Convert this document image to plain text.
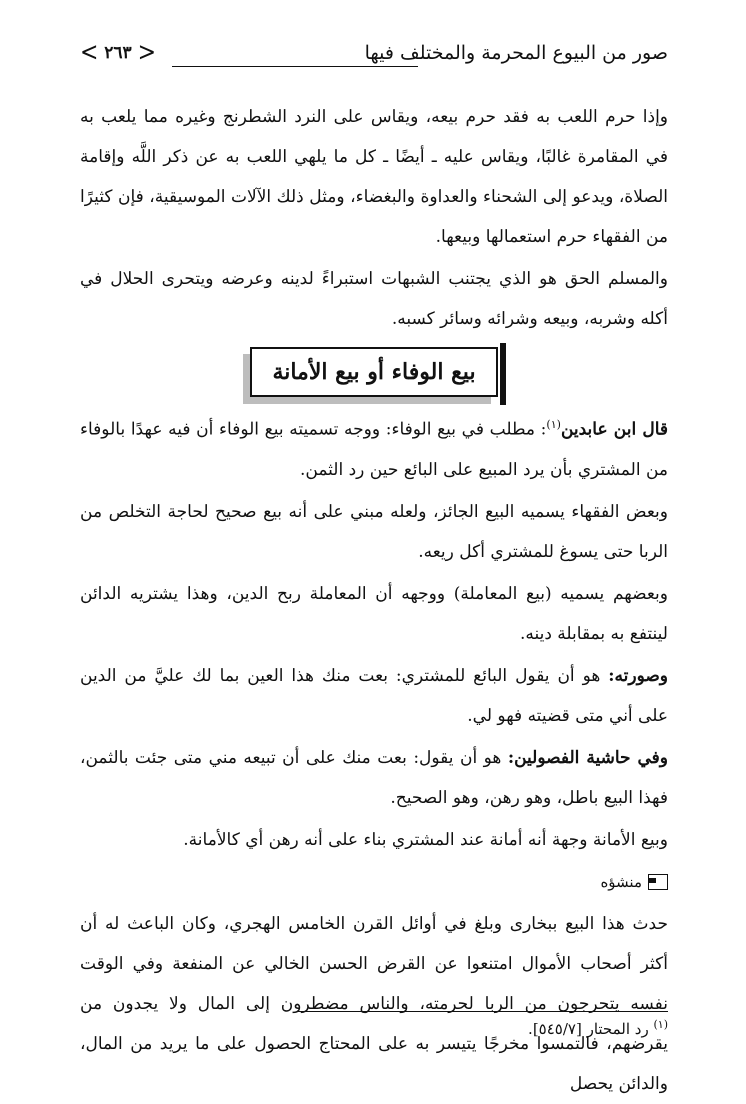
صور من البيوع المحرمة والمختلف فيها
< ٢٦٣ >

وإذا حرم اللعب به فقد حرم بيعه، ويقاس على النرد الشطرنج وغيره مما يلعب به في المقامرة غالبًا، ويقاس عليه ـ أيضًا ـ كل ما يلهي اللعب به عن ذكر اللَّه وإقامة الصلاة، ويدعو إلى الشحناء والعداوة والبغضاء، ومثل ذلك الآلات الموسيقية، فإن كثيرًا من الفقهاء حرم استعمالها وبيعها.

والمسلم الحق هو الذي يجتنب الشبهات استبراءً لدينه وعرضه ويتحرى الحلال في أكله وشربه، وبيعه وشرائه وسائر كسبه.

بيع الوفاء أو بيع الأمانة

قال ابن عابدين$^{(١)}$: مطلب في بيع الوفاء: ووجه تسميته بيع الوفاء أن فيه عهدًا بالوفاء من المشتري بأن يرد المبيع على البائع حين رد الثمن.

وبعض الفقهاء يسميه البيع الجائز، ولعله مبني على أنه بيع صحيح لحاجة التخلص من الربا حتى يسوغ للمشتري أكل ريعه.

وبعضهم يسميه (بيع المعاملة) ووجهه أن المعاملة ربح الدين، وهذا يشتريه الدائن لينتفع به بمقابلة دينه.

وصورته: هو أن يقول البائع للمشتري: بعت منك هذا العين بما لك عليَّ من الدين على أني متى قضيته فهو لي.

وفي حاشية الفصولين: هو أن يقول: بعت منك على أن تبيعه مني متى جئت بالثمن، فهذا البيع باطل، وهو رهن، وهو الصحيح.

وبيع الأمانة وجهة أنه أمانة عند المشتري بناء على أنه رهن أي كالأمانة.

منشؤه

حدث هذا البيع ببخارى وبلغ في أوائل القرن الخامس الهجري، وكان الباعث له أن أكثر أصحاب الأموال امتنعوا عن القرض الحسن الخالي عن المنفعة وفي الوقت نفسه يتحرجون من الربا لحرمته، والناس مضطرون إلى المال ولا يجدون من يقرضهم، فالتمسوا مخرجًا يتيسر به على المحتاج الحصول على ما يريد من المال، والدائن يحصل

$^{(١)}$ رد المحتار [٥٤٥/٧].
